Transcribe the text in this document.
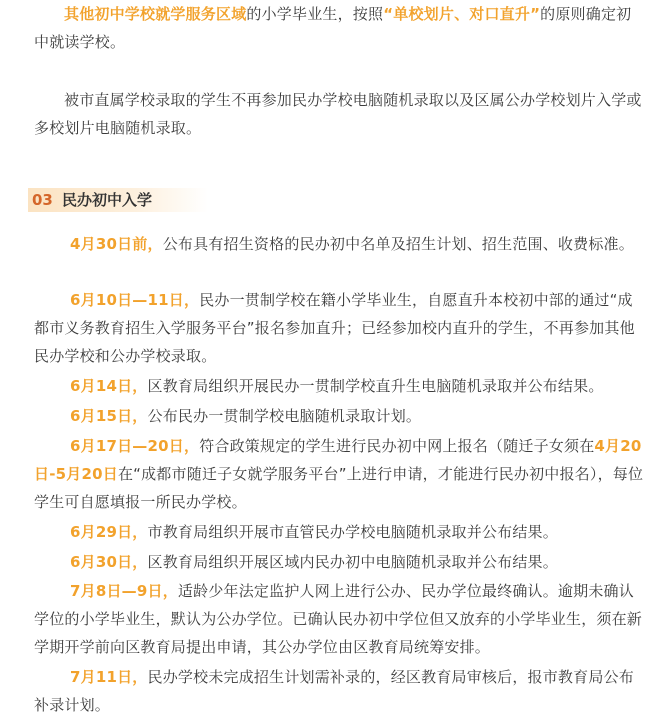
其他初中学校就学服务区域的小学毕业生，按照“单校划片、对口直升”的原则确定初中就读学校。

被市直属学校录取的学生不再参加民办学校电脑随机录取以及区属公办学校划片入学或多校划片电脑随机录取。

03 民办初中入学

4月30日前，公布具有招生资格的民办初中名单及招生计划、招生范围、收费标准。

6月10日—11日，民办一贯制学校在籍小学毕业生，自愿直升本校初中部的通过“成都市义务教育招生入学服务平台”报名参加直升；已经参加校内直升的学生，不再参加其他民办学校和公办学校录取。

6月14日，区教育局组织开展民办一贯制学校直升生电脑随机录取并公布结果。

6月15日，公布民办一贯制学校电脑随机录取计划。

6月17日—20日，符合政策规定的学生进行民办初中网上报名（随迁子女须在4月20日-5月20日在“成都市随迁子女就学服务平台”上进行申请，才能进行民办初中报名），每位学生可自愿填报一所民办学校。

6月29日，市教育局组织开展市直管民办学校电脑随机录取并公布结果。

6月30日，区教育局组织开展区域内民办初中电脑随机录取并公布结果。

7月8日—9日，适龄少年法定监护人网上进行公办、民办学位最终确认。逾期未确认学位的小学毕业生，默认为公办学位。已确认民办初中学位但又放弃的小学毕业生，须在新学期开学前向区教育局提出申请，其公办学位由区教育局统筹安排。

7月11日，民办学校未完成招生计划需补录的，经区教育局审核后，报市教育局公布补录计划。
